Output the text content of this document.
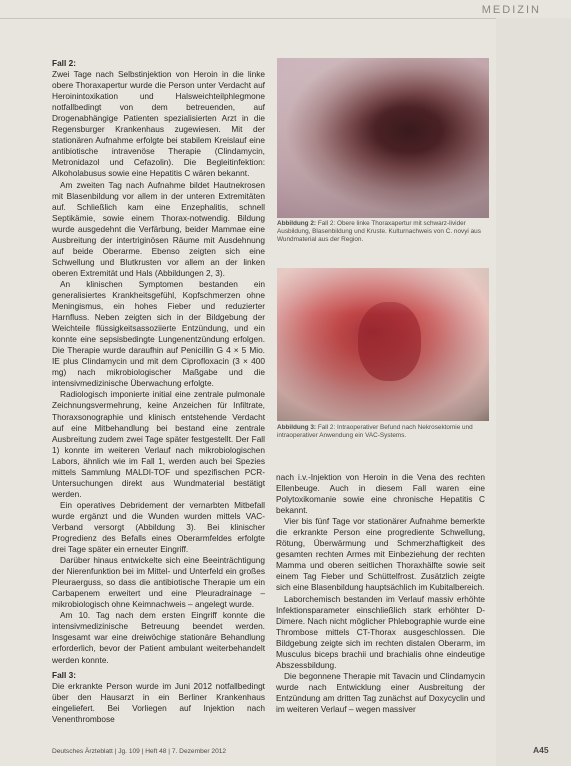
MEDIZIN

Fall 2:

Zwei Tage nach Selbstinjektion von Heroin in die linke obere Thoraxapertur wurde die Person unter Verdacht auf Heroinintoxikation und Halsweichteilphlegmone notfallbedingt von dem betreuenden, auf Drogenabhängige Patienten spezialisierten Arzt in die Regensburger Krankenhaus zugewiesen. Mit der stationären Aufnahme erfolgte bei stabilem Kreislauf eine antibiotische intravenöse Therapie (Clindamycin, Metronidazol und Cefazolin). Die Begleitinfektion: Alkoholabusus sowie eine Hepatitis C wären bekannt.

Am zweiten Tag nach Aufnahme bildet Hautnekrosen mit Blasenbildung vor allem in der unteren Extremitäten auf. Schließlich kam eine Enzephalitis, schnell Septikämie, sowie einem Thorax-notwendig. Bildung wurde ausgedehnt die Verfärbung, beider Mammae eine Ausbreitung der intertriginösen Räume mit Ausdehnung auf beide Oberarme. Ebenso zeigten sich eine Schwellung und Blutkrusten vor allem an der linken oberen Extremität und Hals (Abbildungen 2, 3).

An klinischen Symptomen bestanden ein generalisiertes Krankheitsgefühl, Kopfschmerzen ohne Meningismus, ein hohes Fieber und reduzierter Harnfluss. Neben zeigten sich in der Bildgebung der Weichteile flüssigkeitsassoziierte Entzündung, und ein konnte eine sepsisbedingte Lungenentzündung erfolgen. Die Therapie wurde daraufhin auf Penicillin G 4 × 5 Mio. IE plus Clindamycin und mit dem Ciprofloxacin (3 × 400 mg) nach mikrobiologischer Maßgabe und die intensivmedizinische Überwachung erfolgte.

Radiologisch imponierte initial eine zentrale pulmonale Zeichnungsvermehrung, keine Anzeichen für Infiltrate, Thoraxsonographie und klinisch entstehende Verdacht auf eine Mitbehandlung bei bestand eine zentrale Ausbreitung zudem zwei Tage später festgestellt. Der Fall 1) konnte im weiteren Verlauf nach mikrobiologischen Labors, ähnlich wie im Fall 1, werden auch bei Spezies mittels Sammlung MALDI-TOF und spezifischen PCR-Untersuchungen direkt aus Wundmaterial bestätigt werden.

Ein operatives Debridement der vernarbten Mitbefall wurde ergänzt und die Wunden wurden mittels VAC-Verband versorgt (Abbildung 3). Bei klinischer Progredienz des Befalls eines Oberarmfeldes erfolgte drei Tage später ein erneuter Eingriff.

Darüber hinaus entwickelte sich eine Beeinträchtigung der Nierenfunktion bei im Mittel- und Unterfeld ein großes Pleuraerguss, so dass die antibiotische Therapie um ein Carbapenem erweitert und eine Pleuradrainage – mikrobiologisch ohne Keimnachweis – angelegt wurde.

Am 10. Tag nach dem ersten Eingriff konnte die intensivmedizinische Betreuung beendet werden. Insgesamt war eine dreiwöchige stationäre Behandlung erforderlich, bevor der Patient ambulant weiterbehandelt werden konnte.

Fall 3:

Die erkrankte Person wurde im Juni 2012 notfallbedingt über den Hausarzt in ein Berliner Krankenhaus eingeliefert. Bei Vorliegen auf Injektion nach Venenthrombose

Abbildung 2: Fall 2: Obere linke Thoraxapertur mit schwarz-livider Ausbildung, Blasenbildung und Kruste. Kulturnachweis von C. novyi aus Wundmaterial aus der Region.
Abbildung 3: Fall 2: Intraoperativer Befund nach Nekrosektomie und intraoperativer Anwendung ein VAC-Systems.

nach i.v.-Injektion von Heroin in die Vena des rechten Ellenbeuge. Auch in diesem Fall waren eine Polytoxikomanie sowie eine chronische Hepatitis C bekannt.

Vier bis fünf Tage vor stationärer Aufnahme bemerkte die erkrankte Person eine progrediente Schwellung, Rötung, Überwärmung und Schmerzhaftigkeit des gesamten rechten Armes mit Einbeziehung der rechten Mamma und oberen seitlichen Thoraxhälfte sowie seit einem Tag Fieber und Schüttelfrost. Zusätzlich zeigte sich eine Blasenbildung hauptsächlich im Kubitalbereich.

Laborchemisch bestanden im Verlauf massiv erhöhte Infektionsparameter einschließlich stark erhöhter D-Dimere. Nach nicht möglicher Phlebographie wurde eine Thrombose mittels CT-Thorax ausgeschlossen. Die Bildgebung zeigte sich im rechten distalen Oberarm, im Musculus biceps brachii und brachialis ohne eindeutige Abszessbildung.

Die begonnene Therapie mit Tavacin und Clindamycin wurde nach Entwicklung einer Ausbreitung der Entzündung am dritten Tag zunächst auf Doxycyclin und im weiteren Verlauf – wegen massiver

Deutsches Ärzteblatt | Jg. 109 | Heft 48 | 7. Dezember 2012	A45
